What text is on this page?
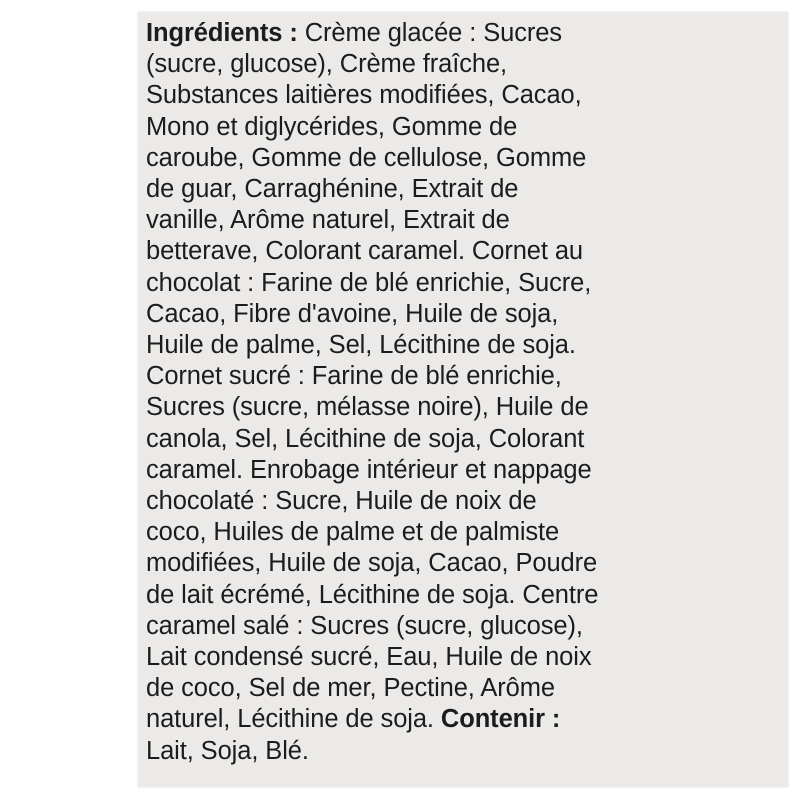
Ingrédients : Crème glacée : Sucres
(sucre, glucose), Crème fraîche,
Substances laitières modifiées, Cacao,
Mono et diglycérides, Gomme de
caroube, Gomme de cellulose, Gomme
de guar, Carraghénine, Extrait de
vanille, Arôme naturel, Extrait de
betterave, Colorant caramel. Cornet au
chocolat : Farine de blé enrichie, Sucre,
Cacao, Fibre d'avoine, Huile de soja,
Huile de palme, Sel, Lécithine de soja.
Cornet sucré : Farine de blé enrichie,
Sucres (sucre, mélasse noire), Huile de
canola, Sel, Lécithine de soja, Colorant
caramel. Enrobage intérieur et nappage
chocolaté : Sucre, Huile de noix de
coco, Huiles de palme et de palmiste
modifiées, Huile de soja, Cacao, Poudre
de lait écrémé, Lécithine de soja. Centre
caramel salé : Sucres (sucre, glucose),
Lait condensé sucré, Eau, Huile de noix
de coco, Sel de mer, Pectine, Arôme
naturel, Lécithine de soja. Contenir :
Lait, Soja, Blé.
